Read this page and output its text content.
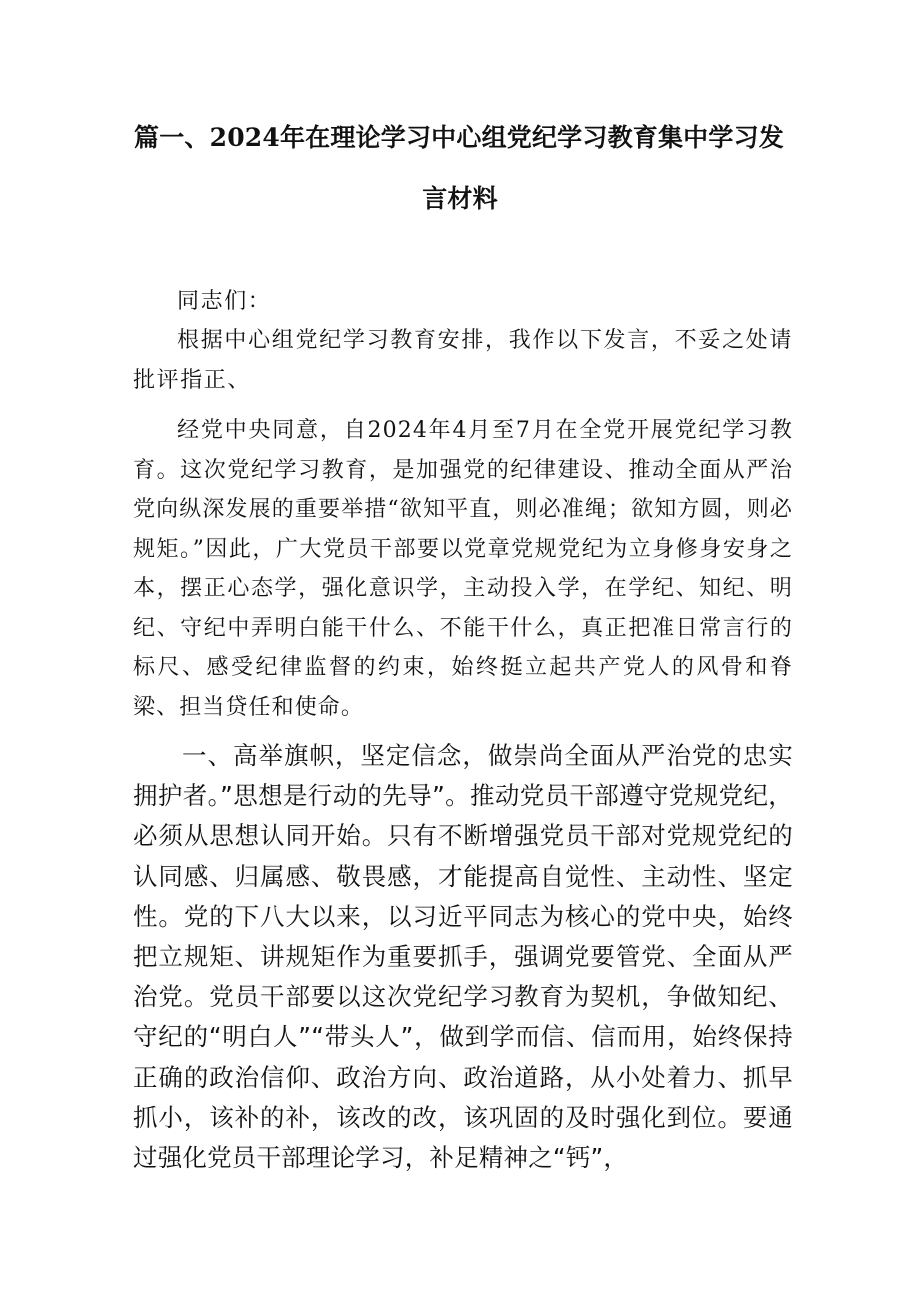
篇一、2024年在理论学习中心组党纪学习教育集中学习发
言材料

同志们：

根据中心组党纪学习教育安排，我作以下发言，不妥之处请批评指正、

经党中央同意，自2024年4月至7月在全党开展党纪学习教育。这次党纪学习教育，是加强党的纪律建设、推动全面从严治党向纵深发展的重要举措“欲知平直，则必准绳；欲知方圆，则必规矩。”因此，广大党员干部要以党章党规党纪为立身修身安身之本，摆正心态学，强化意识学，主动投入学，在学纪、知纪、明纪、守纪中弄明白能干什么、不能干什么，真正把准日常言行的标尺、感受纪律监督的约束，始终挺立起共产党人的风骨和脊梁、担当贷任和使命。

一、高举旗帜，坚定信念，做崇尚全面从严治党的忠实拥护者。”思想是行动的先导”。推动党员干部遵守党规党纪，必须从思想认同开始。只有不断增强党员干部对党规党纪的认同感、归属感、敬畏感，才能提高自觉性、主动性、坚定性。党的下八大以来，以习近平同志为核心的党中央，始终把立规矩、讲规矩作为重要抓手，强调党要管党、全面从严治党。党员干部要以这次党纪学习教育为契机，争做知纪、守纪的“明白人”“带头人”，做到学而信、信而用，始终保持正确的政治信仰、政治方向、政治道路，从小处着力、抓早抓小，该补的补，该改的改，该巩固的及时强化到位。要通过强化党员干部理论学习，补足精神之“钙”，
